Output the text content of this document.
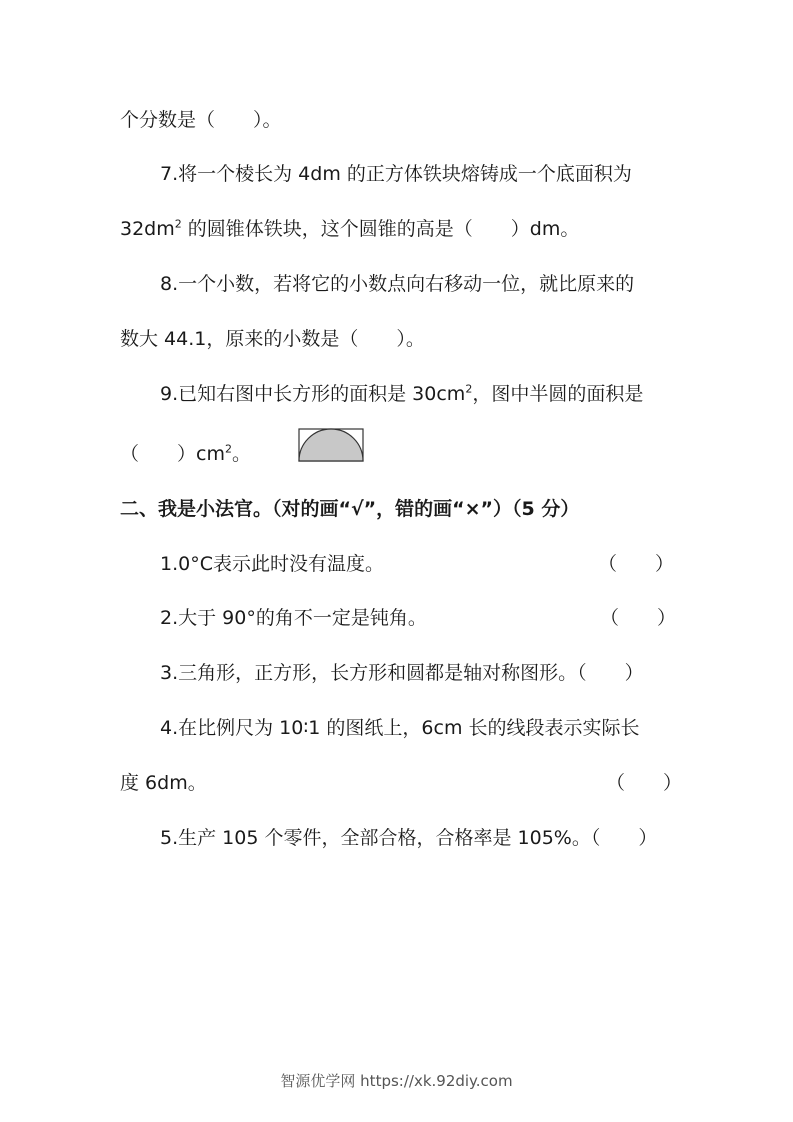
个分数是（　　）。
7.将一个棱长为 4dm 的正方体铁块熔铸成一个底面积为
$32dm^2$ 的圆锥体铁块，这个圆锥的高是（　　）dm。
8.一个小数，若将它的小数点向右移动一位，就比原来的
数大 44.1，原来的小数是（　　）。
9.已知右图中长方形的面积是 $30cm^2$，图中半圆的面积是
（　　）$cm^2$。
二、我是小法官。（对的画“√”，错的画“×”）（5 分）
1.0°C表示此时没有温度。	（　　）
2.大于 90°的角不一定是钝角。	（　　）
3.三角形，正方形，长方形和圆都是轴对称图形。（　　）
4.在比例尺为 10∶1 的图纸上，6cm 长的线段表示实际长
度 6dm。	（　　）
5.生产 105 个零件，全部合格，合格率是 105%。（　　）
智源优学网 https://xk.92diy.com
